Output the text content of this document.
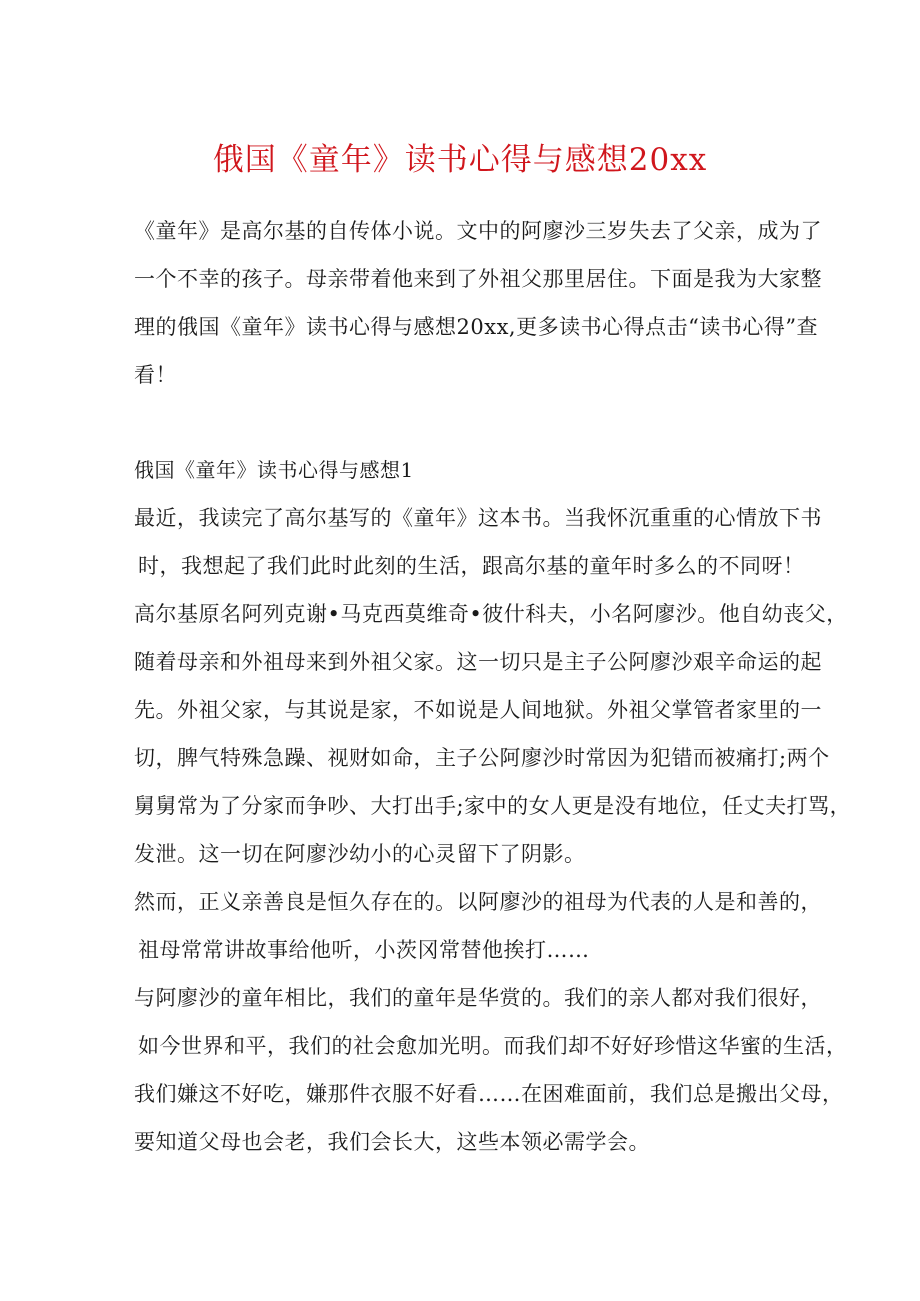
俄国《童年》读书心得与感想20xx
《童年》是高尔基的自传体小说。文中的阿廖沙三岁失去了父亲，成为了
一个不幸的孩子。母亲带着他来到了外祖父那里居住。下面是我为大家整
理的俄国《童年》读书心得与感想20xx,更多读书心得点击“读书心得”查
看！
俄国《童年》读书心得与感想1
最近，我读完了高尔基写的《童年》这本书。当我怀沉重重的心情放下书
时，我想起了我们此时此刻的生活，跟高尔基的童年时多么的不同呀！
高尔基原名阿列克谢•马克西莫维奇•彼什科夫，小名阿廖沙。他自幼丧父，
随着母亲和外祖母来到外祖父家。这一切只是主子公阿廖沙艰辛命运的起
先。外祖父家，与其说是家，不如说是人间地狱。外祖父掌管者家里的一
切，脾气特殊急躁、视财如命，主子公阿廖沙时常因为犯错而被痛打;两个
舅舅常为了分家而争吵、大打出手;家中的女人更是没有地位，任丈夫打骂，
发泄。这一切在阿廖沙幼小的心灵留下了阴影。
然而，正义亲善良是恒久存在的。以阿廖沙的祖母为代表的人是和善的，
祖母常常讲故事给他听，小茨冈常替他挨打……
与阿廖沙的童年相比，我们的童年是华赏的。我们的亲人都对我们很好，
如今世界和平，我们的社会愈加光明。而我们却不好好珍惜这华蜜的生活，
我们嫌这不好吃，嫌那件衣服不好看……在困难面前，我们总是搬出父母，
要知道父母也会老，我们会长大，这些本领必需学会。
